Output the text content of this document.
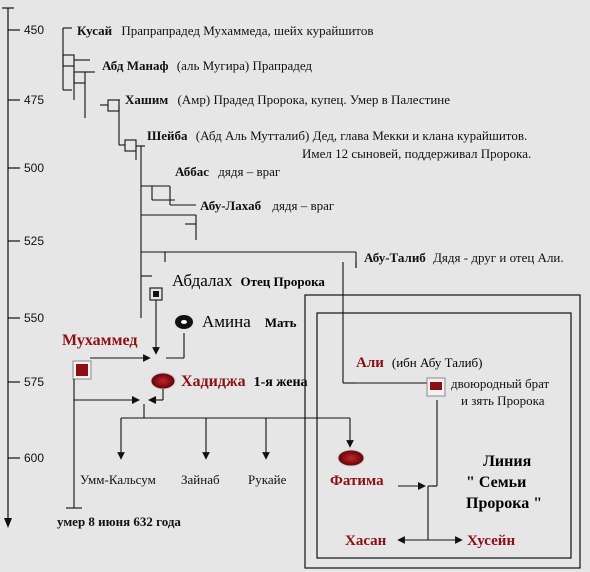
450
475
500
525
550
575
600
Кусай Прапрапрадед Мухаммеда, шейх курайшитов
Абд Манаф (аль Мугира) Прапрадед
Хашим (Амр) Прадед Пророка, купец. Умер в Палестине
Шейба (Абд Аль Муттaлиб) Дед, глава Мекки и клана курайшитов.
Имел 12 сыновей, поддерживал Пророка.
Аббас дядя – враг
Абу-Лахаб дядя – враг
Абу-Талиб Дядя - друг и отец Али.
Абдалах Отец Пророка
Амина Мать
Мухаммед
умер 8 июня 632 года
Хадиджа 1-я жена
Умм-Кальсум Зайнаб Рукайе
Али (ибн Абу Талиб)
двоюродный брат
и зять Пророка
Фатима
Хасан	Хусейн
Линия
" Семьи
Пророка "
